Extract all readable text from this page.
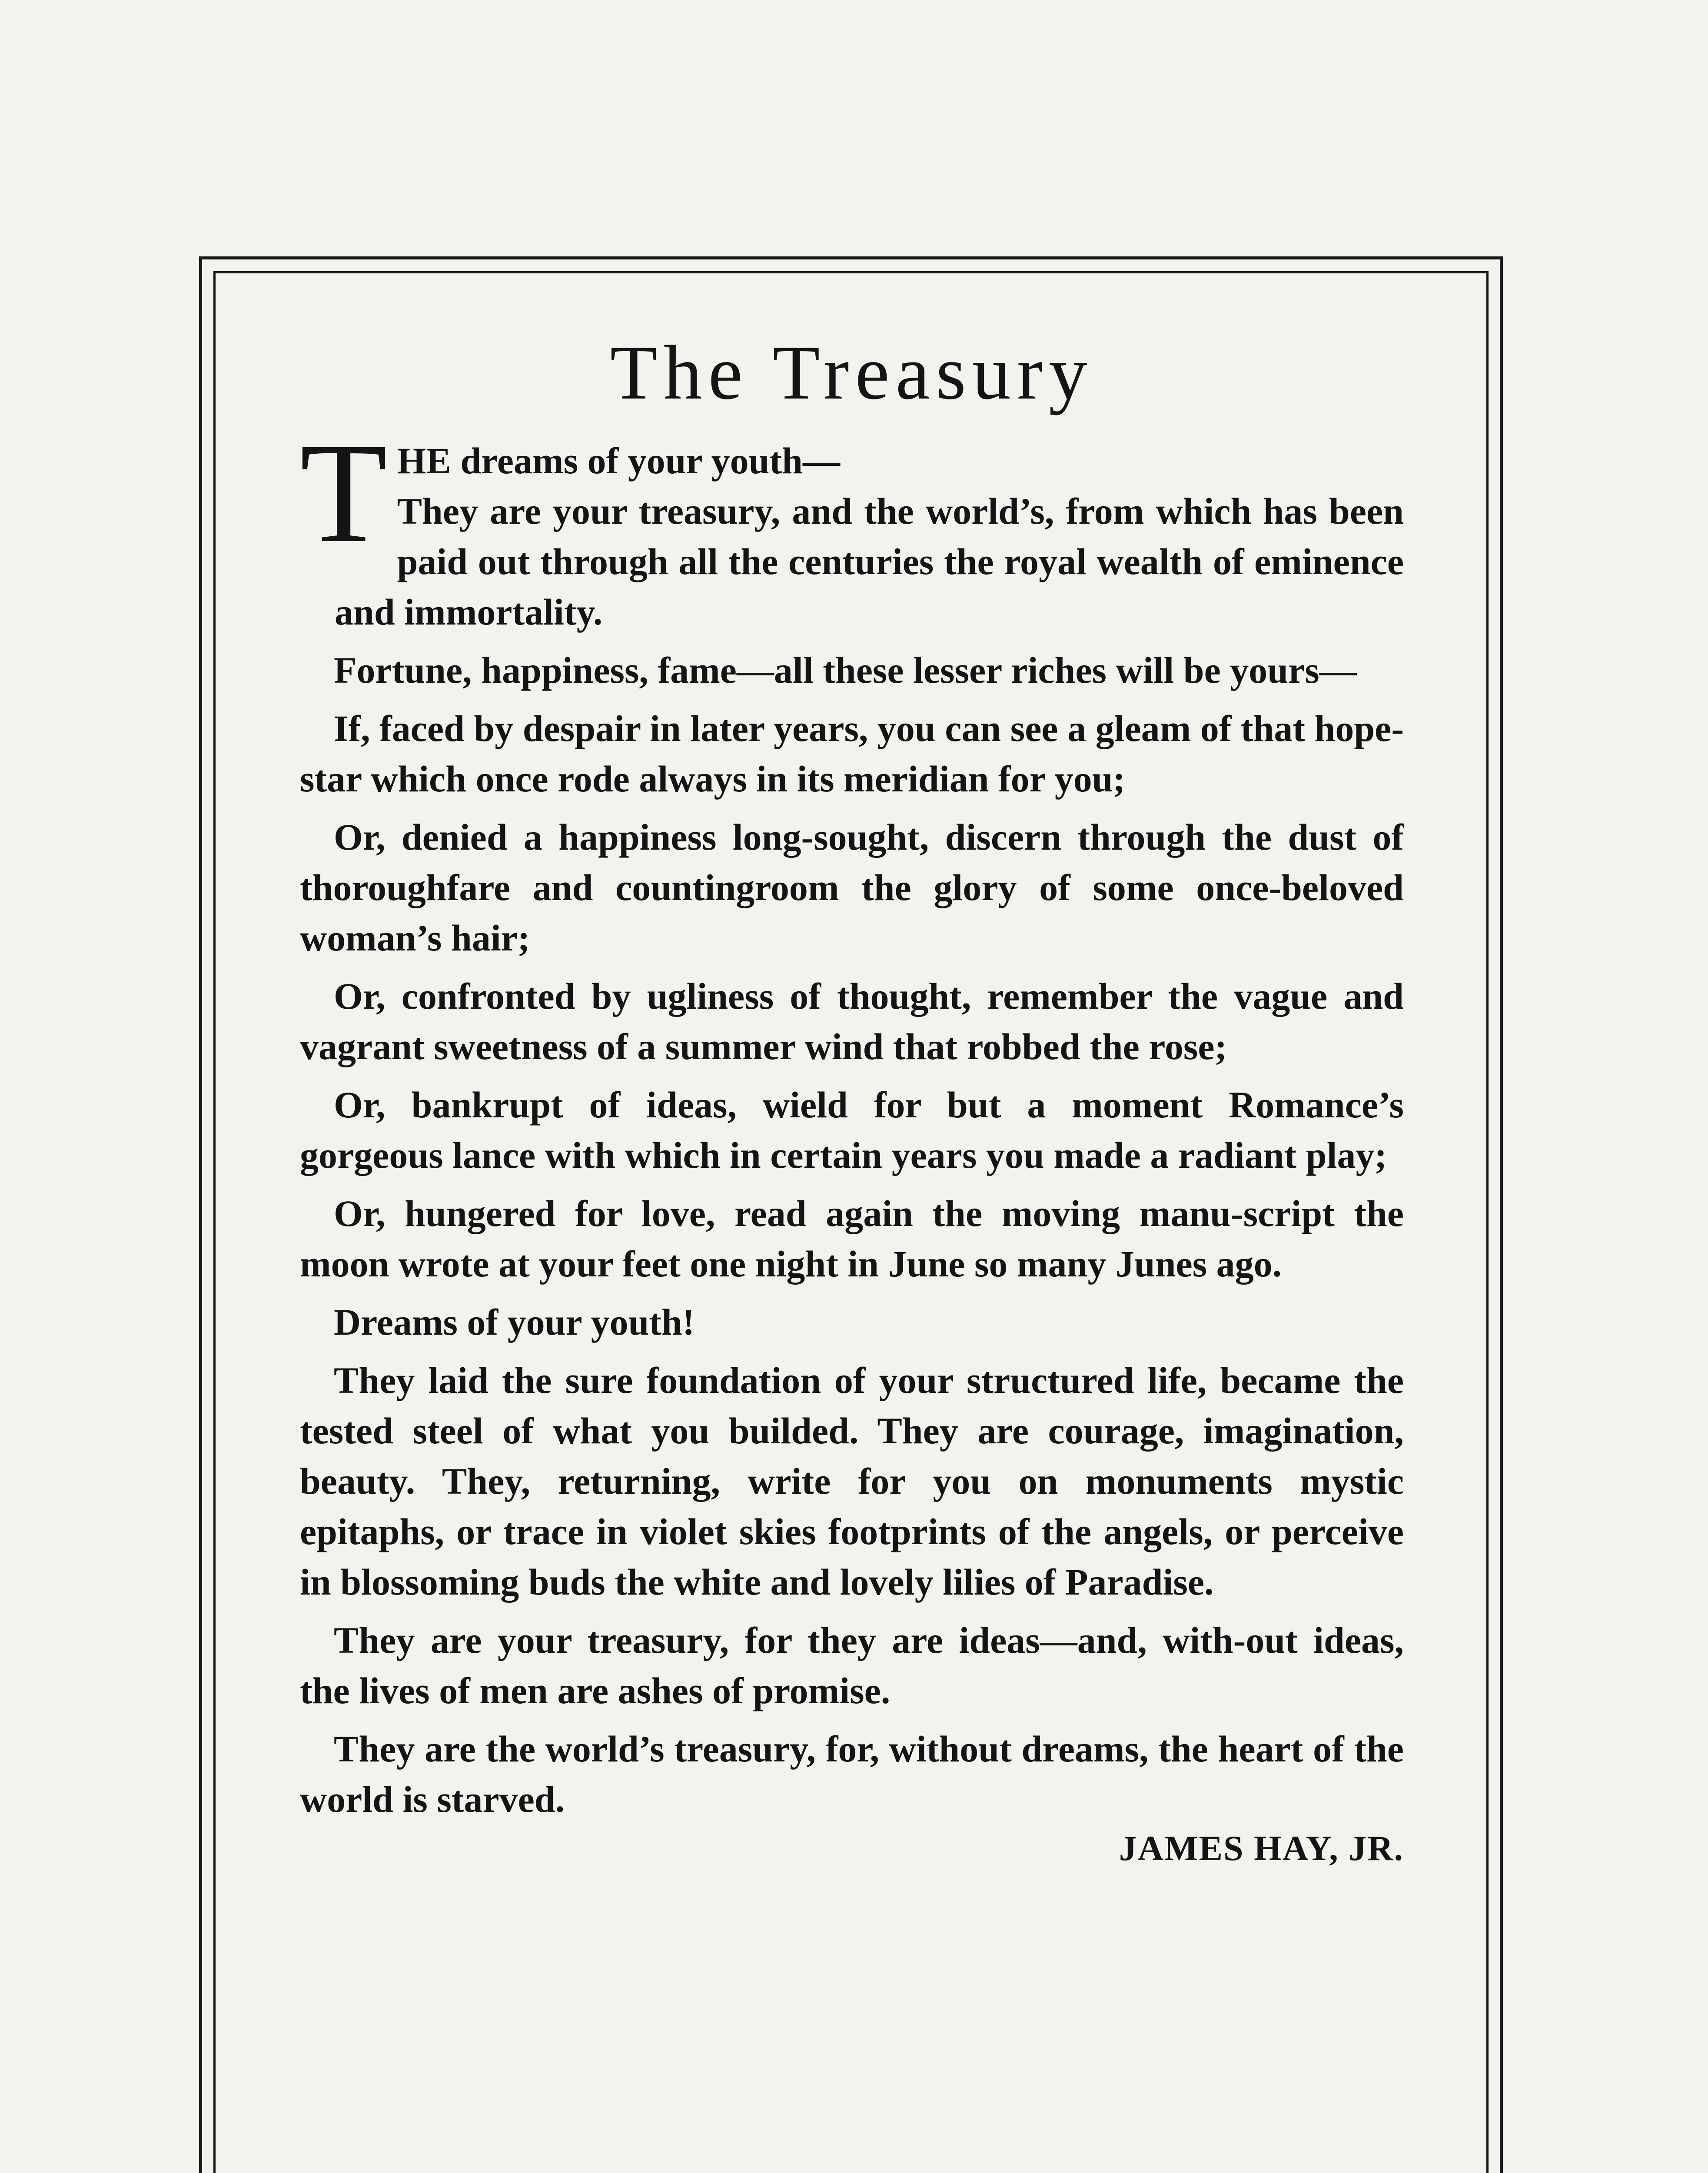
The Treasury
T HE dreams of your youth—
They are your treasury, and the world’s, from which has been paid out through all the centuries the royal wealth of eminence and immortality.

Fortune, happiness, fame—all these lesser riches will be yours—

If, faced by despair in later years, you can see a gleam of that hope-star which once rode always in its meridian for you;

Or, denied a happiness long-sought, discern through the dust of thoroughfare and countingroom the glory of some once-beloved woman’s hair;

Or, confronted by ugliness of thought, remember the vague and vagrant sweetness of a summer wind that robbed the rose;

Or, bankrupt of ideas, wield for but a moment Romance’s gorgeous lance with which in certain years you made a radiant play;

Or, hungered for love, read again the moving manu-script the moon wrote at your feet one night in June so many Junes ago.

Dreams of your youth!

They laid the sure foundation of your structured life, became the tested steel of what you builded. They are courage, imagination, beauty. They, returning, write for you on monuments mystic epitaphs, or trace in violet skies footprints of the angels, or perceive in blossoming buds the white and lovely lilies of Paradise.

They are your treasury, for they are ideas—and, with-out ideas, the lives of men are ashes of promise.

They are the world’s treasury, for, without dreams, the heart of the world is starved.

JAMES HAY, JR.
